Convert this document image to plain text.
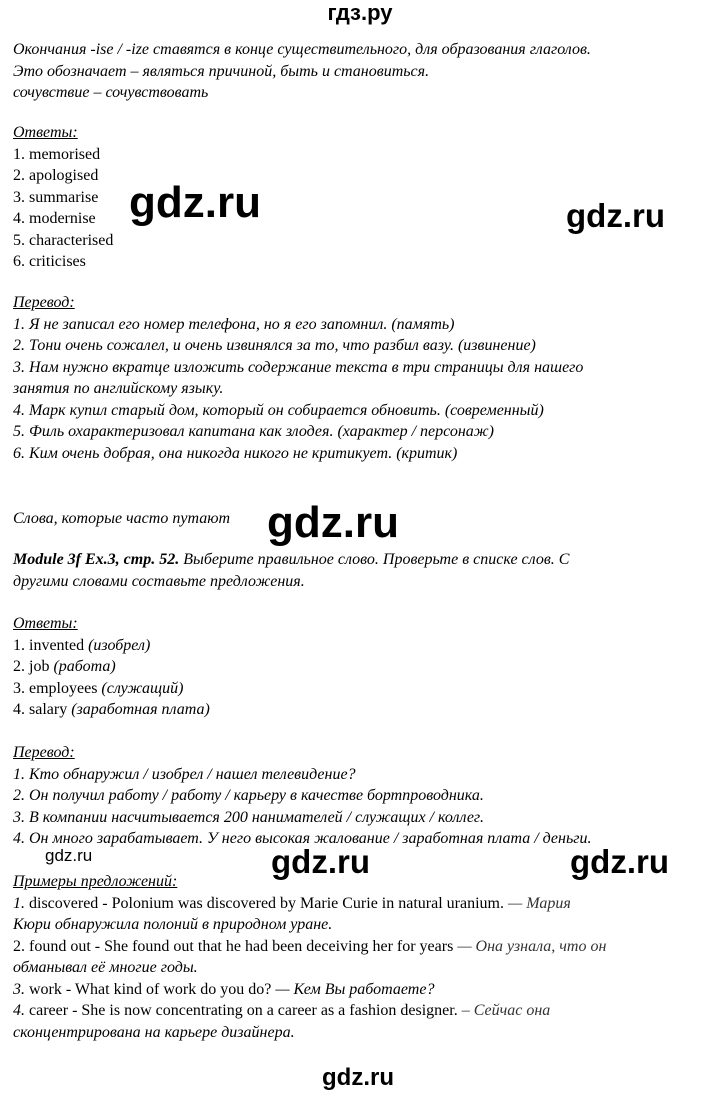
гдз.ру
Окончания -ise / -ize ставятся в конце существительного, для образования глаголов.
Это обозначает – являться причиной, быть и становиться.
сочувствие – сочувствовать
Ответы:
1. memorised
2. apologised
3. summarise
4. modernise
5. characterised
6. criticises
Перевод:
1. Я не записал его номер телефона, но я его запомнил. (память)
2. Тони очень сожалел, и очень извинялся за то, что разбил вазу. (извинение)
3. Нам нужно вкратце изложить содержание текста в три страницы для нашего
занятия по английскому языку.
4. Марк купил старый дом, который он собирается обновить. (современный)
5. Филь охарактеризовал капитана как злодея. (характер / персонаж)
6. Ким очень добрая, она никогда никого не критикует. (критик)
Слова, которые часто путают
Module 3f Ex.3, стр. 52. Выберите правильное слово. Проверьте в списке слов. С
другими словами составьте предложения.
Ответы:
1. invented (изобрел)
2. job (работа)
3. employees (служащий)
4. salary (заработная плата)
Перевод:
1. Кто обнаружил / изобрел / нашел телевидение?
2. Он получил работу / работу / карьеру в качестве бортпроводника.
3. В компании насчитывается 200 нанимателей / служащих / коллег.
4. Он много зарабатывает. У него высокая жалование / заработная плата / деньги.
Примеры предложений:
1. discovered - Polonium was discovered by Marie Curie in natural uranium. — Мария
Кюри обнаружила полоний в природном уране.
2. found out - She found out that he had been deceiving her for years — Она узнала, что он
обманывал её многие годы.
3. work - What kind of work do you do? — Кем Вы работаете?
4. career - She is now concentrating on a career as a fashion designer. – Сейчас она
сконцентрирована на карьере дизайнера.
gdz.ru	gdz.ru
gdz.ru
gdz.ru	gdz.ru	gdz.ru
gdz.ru
